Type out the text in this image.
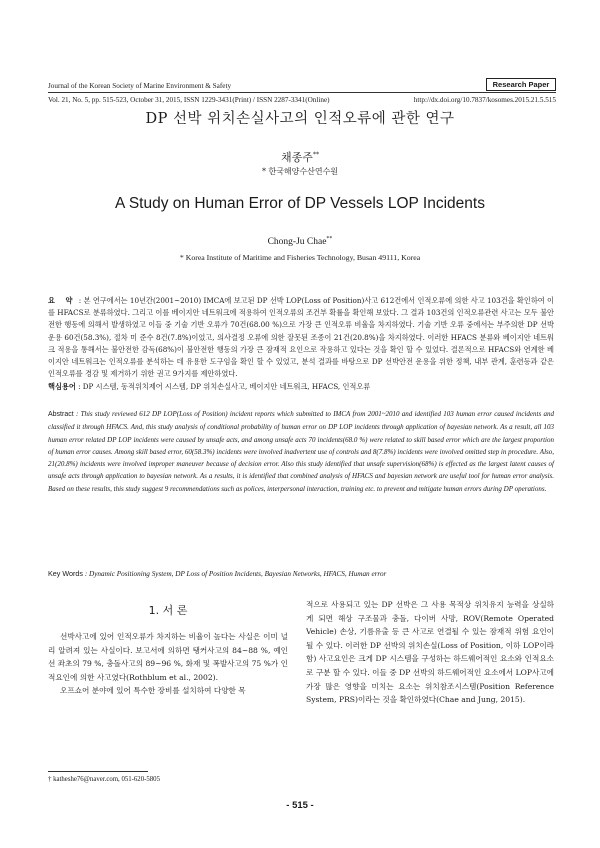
Journal of the Korean Society of Marine Environment & Safety	Research Paper
Vol. 21, No. 5, pp. 515-523, October 31, 2015, ISSN 1229-3431(Print) / ISSN 2287-3341(Online)	http://dx.doi.org/10.7837/kosomes.2015.21.5.515
DP 선박 위치손실사고의 인적오류에 관한 연구
채종주**
* 한국해양수산연수원
A Study on Human Error of DP Vessels LOP Incidents
Chong-Ju Chae**
* Korea Institute of Maritime and Fisheries Technology, Busan 49111, Korea
요 약 : 본 연구에서는 10년간(2001~2010) IMCA에 보고된 DP 선박 LOP(Loss of Position)사고 612건에서 인적오류에 의한 사고 103건을 확인하여 이를 HFACS로 분류하였다. 그리고 이를 베이지안 네트워크에 적용하여 인적오류의 조건부 확률을 확인해 보았다. 그 결과 103건의 인적오류관련 사고는 모두 불안전한 행동에 의해서 발생하였고 이들 중 기술 기반 오류가 70건(68.00 %)으로 가장 큰 인적오류 비율을 차지하였다. 기술 기반 오류 중에서는 부주의한 DP 선박 운용 60건(58.3%), 절차 미 준수 8건(7.8%)이었고, 의사결정 오류에 의한 잘못된 조종이 21건(20.8%)을 차지하였다. 이러한 HFACS 분류와 베이지안 네트워크 적용을 통해서는 불안전한 감독(68%)이 불안전한 행동의 가장 큰 잠재적 요인으로 작용하고 있다는 것을 확인 할 수 있었다. 결론적으로 HFACS와 연계한 베이지안 네트워크는 인적오류를 분석하는 데 유용한 도구임을 확인 할 수 있었고, 분석 결과를 바탕으로 DP 선박안전 운용을 위한 정책, 내부 관계, 훈련등과 같은 인적오류를 경감 및 제거하기 위한 권고 9가지를 제안하였다.
핵심용어 : DP 시스템, 동적위치제어 시스템, DP 위치손실사고, 베이지안 네트워크, HFACS, 인적오류
Abstract : This study reviewed 612 DP LOP(Loss of Position) incident reports which submitted to IMCA from 2001~2010 and identified 103 human error caused incidents and classified it through HFACS. And, this study analysis of conditional probability of human error on DP LOP incidents through application of bayesian network. As a result, all 103 human error related DP LOP incidents were caused by unsafe acts, and among unsafe acts 70 incidents(68.0 %) were related to skill based error which are the largest proportion of human error causes. Among skill based error, 60(58.3%) incidents were involved inadvertent use of controls and 8(7.8%) incidents were involved omitted step in procedure. Also, 21(20.8%) incidents were involved improper maneuver because of decision error. Also this study identified that unsafe supervision(68%) is effected as the largest latent causes of unsafe acts through application to bayesian network. As a results, it is identified that combined analysis of HFACS and bayesian network are useful tool for human error analysis. Based on these results, this study suggest 9 recommendations such as polices, interpersonal interaction, training etc. to prevent and mitigate human errors during DP operations.
Key Words : Dynamic Positioning System, DP Loss of Position Incidents, Bayesian Networks, HFACS, Human error
1. 서 론

선박사고에 있어 인적오류가 차지하는 비율이 높다는 사실은 이미 널리 알려져 있는 사실이다. 보고서에 의하면 탱커사고의 84~88 %, 예인선 좌초의 79 %, 충돌사고의 89~96 %, 화재 및 폭발사고의 75 %가 인적요인에 의한 사고였다(Rothblum et al., 2002).

오프쇼어 분야에 있어 특수한 장비를 설치하여 다양한 목

적으로 사용되고 있는 DP 선박은 그 사용 목적상 위치유지 능력을 상실하게 되면 해상 구조물과 충돌, 다이버 사망, ROV(Remote Operated Vehicle) 손상, 기름유출 등 큰 사고로 연결될 수 있는 잠재적 위험 요인이 될 수 있다. 이러한 DP 선박의 위치손실(Loss of Position, 이하 LOP이라함) 사고요인은 크게 DP 시스템을 구성하는 하드웨어적인 요소와 인적요소로 구분 할 수 있다. 이들 중 DP 선박의 하드웨어적인 요소에서 LOP사고에 가장 많은 영향을 미치는 요소는 위치참조시스템(Position Reference System, PRS)이라는 것을 확인하였다(Chae and Jung, 2015).

† kathes​he76@naver.com, 051-620-5805
- 515 -
